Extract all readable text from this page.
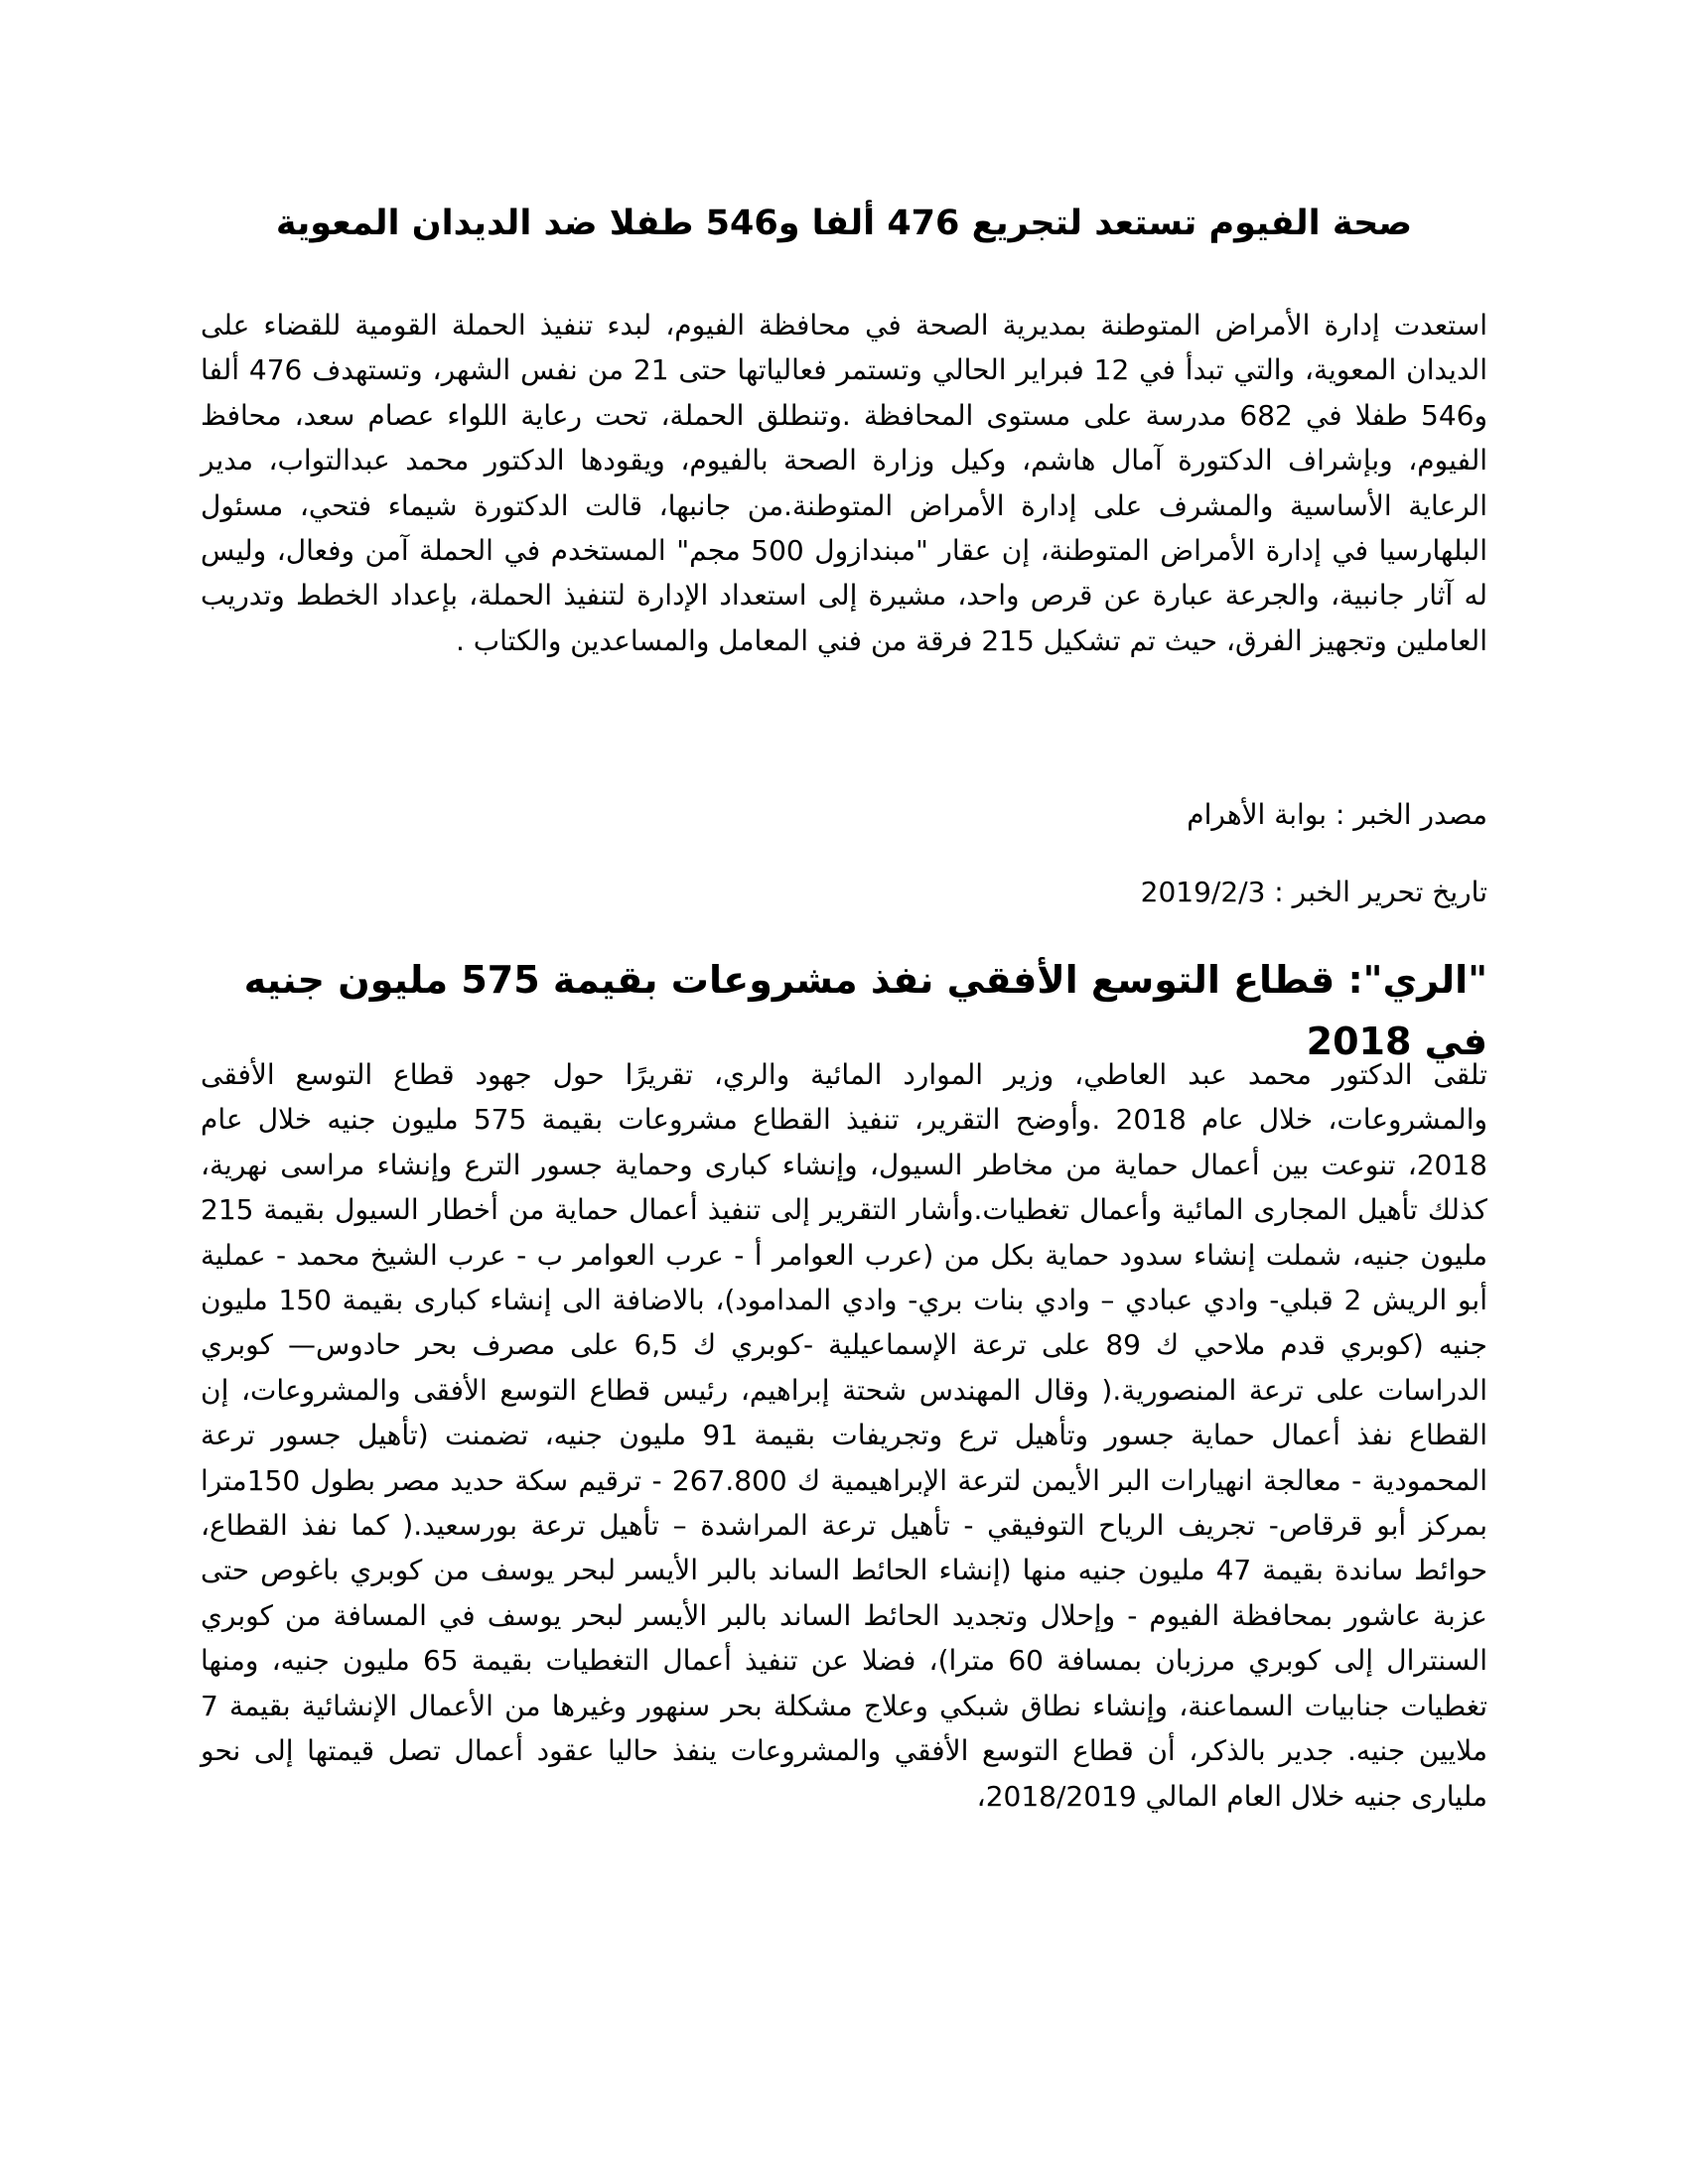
صحة الفيوم تستعد لتجريع 476 ألفا و546 طفلا ضد الديدان المعوية

استعدت إدارة الأمراض المتوطنة بمديرية الصحة في محافظة الفيوم، لبدء تنفيذ الحملة القومية للقضاء على الديدان المعوية، والتي تبدأ في 12 فبراير الحالي وتستمر فعالياتها حتى 21 من نفس الشهر، وتستهدف 476 ألفا و546 طفلا في 682 مدرسة على مستوى المحافظة .وتنطلق الحملة، تحت رعاية اللواء عصام سعد، محافظ الفيوم، وبإشراف الدكتورة آمال هاشم، وكيل وزارة الصحة بالفيوم، ويقودها الدكتور محمد عبدالتواب، مدير الرعاية الأساسية والمشرف على إدارة الأمراض المتوطنة.من جانبها، قالت الدكتورة شيماء فتحي، مسئول البلهارسيا في إدارة الأمراض المتوطنة، إن عقار "مبندازول 500 مجم" المستخدم في الحملة آمن وفعال، وليس له آثار جانبية، والجرعة عبارة عن قرص واحد، مشيرة إلى استعداد الإدارة لتنفيذ الحملة، بإعداد الخطط وتدريب العاملين وتجهيز الفرق، حيث تم تشكيل 215 فرقة من فني المعامل والمساعدين والكتاب .

مصدر الخبر : بوابة الأهرام

تاريخ تحرير الخبر : 2019/2/3

"الري": قطاع التوسع الأفقي نفذ مشروعات بقيمة 575 مليون جنيه في 2018

تلقى الدكتور محمد عبد العاطي، وزير الموارد المائية والري، تقريرًا حول جهود قطاع التوسع الأفقى والمشروعات، خلال عام 2018 .وأوضح التقرير، تنفيذ القطاع مشروعات بقيمة 575 مليون جنيه خلال عام 2018، تنوعت بين أعمال حماية من مخاطر السيول، وإنشاء كبارى وحماية جسور الترع وإنشاء مراسى نهرية، كذلك تأهيل المجارى المائية وأعمال تغطيات.وأشار التقرير إلى تنفيذ أعمال حماية من أخطار السيول بقيمة 215 مليون جنيه، شملت إنشاء سدود حماية بكل من (عرب العوامر أ - عرب العوامر ب - عرب الشيخ محمد - عملية أبو الريش 2 قبلي- وادي عبادي – وادي بنات بري- وادي المدامود)، بالاضافة الى إنشاء كبارى بقيمة 150 مليون جنيه (كوبري قدم ملاحي ك 89 على ترعة الإسماعيلية -كوبري ك 6,5 على مصرف بحر حادوس— كوبري الدراسات على ترعة المنصورية.( وقال المهندس شحتة إبراهيم، رئيس قطاع التوسع الأفقى والمشروعات، إن القطاع نفذ أعمال حماية جسور وتأهيل ترع وتجريفات بقيمة 91 مليون جنيه، تضمنت (تأهيل جسور ترعة المحمودية - معالجة انهيارات البر الأيمن لترعة الإبراهيمية ك 267.800 - ترقيم سكة حديد مصر بطول 150مترا بمركز أبو قرقاص- تجريف الرياح التوفيقي - تأهيل ترعة المراشدة – تأهيل ترعة بورسعيد.( كما نفذ القطاع، حوائط ساندة بقيمة 47 مليون جنيه منها (إنشاء الحائط الساند بالبر الأيسر لبحر يوسف من كوبري باغوص حتى عزبة عاشور بمحافظة الفيوم - وإحلال وتجديد الحائط الساند بالبر الأيسر لبحر يوسف في المسافة من كوبري السنترال إلى كوبري مرزبان بمسافة 60 مترا)، فضلا عن تنفيذ أعمال التغطيات بقيمة 65 مليون جنيه، ومنها تغطيات جنابيات السماعنة، وإنشاء نطاق شبكي وعلاج مشكلة بحر سنهور وغيرها من الأعمال الإنشائية بقيمة 7 ملايين جنيه. جدير بالذكر، أن قطاع التوسع الأفقي والمشروعات ينفذ حاليا عقود أعمال تصل قيمتها إلى نحو مليارى جنيه خلال العام المالي 2018/2019،
